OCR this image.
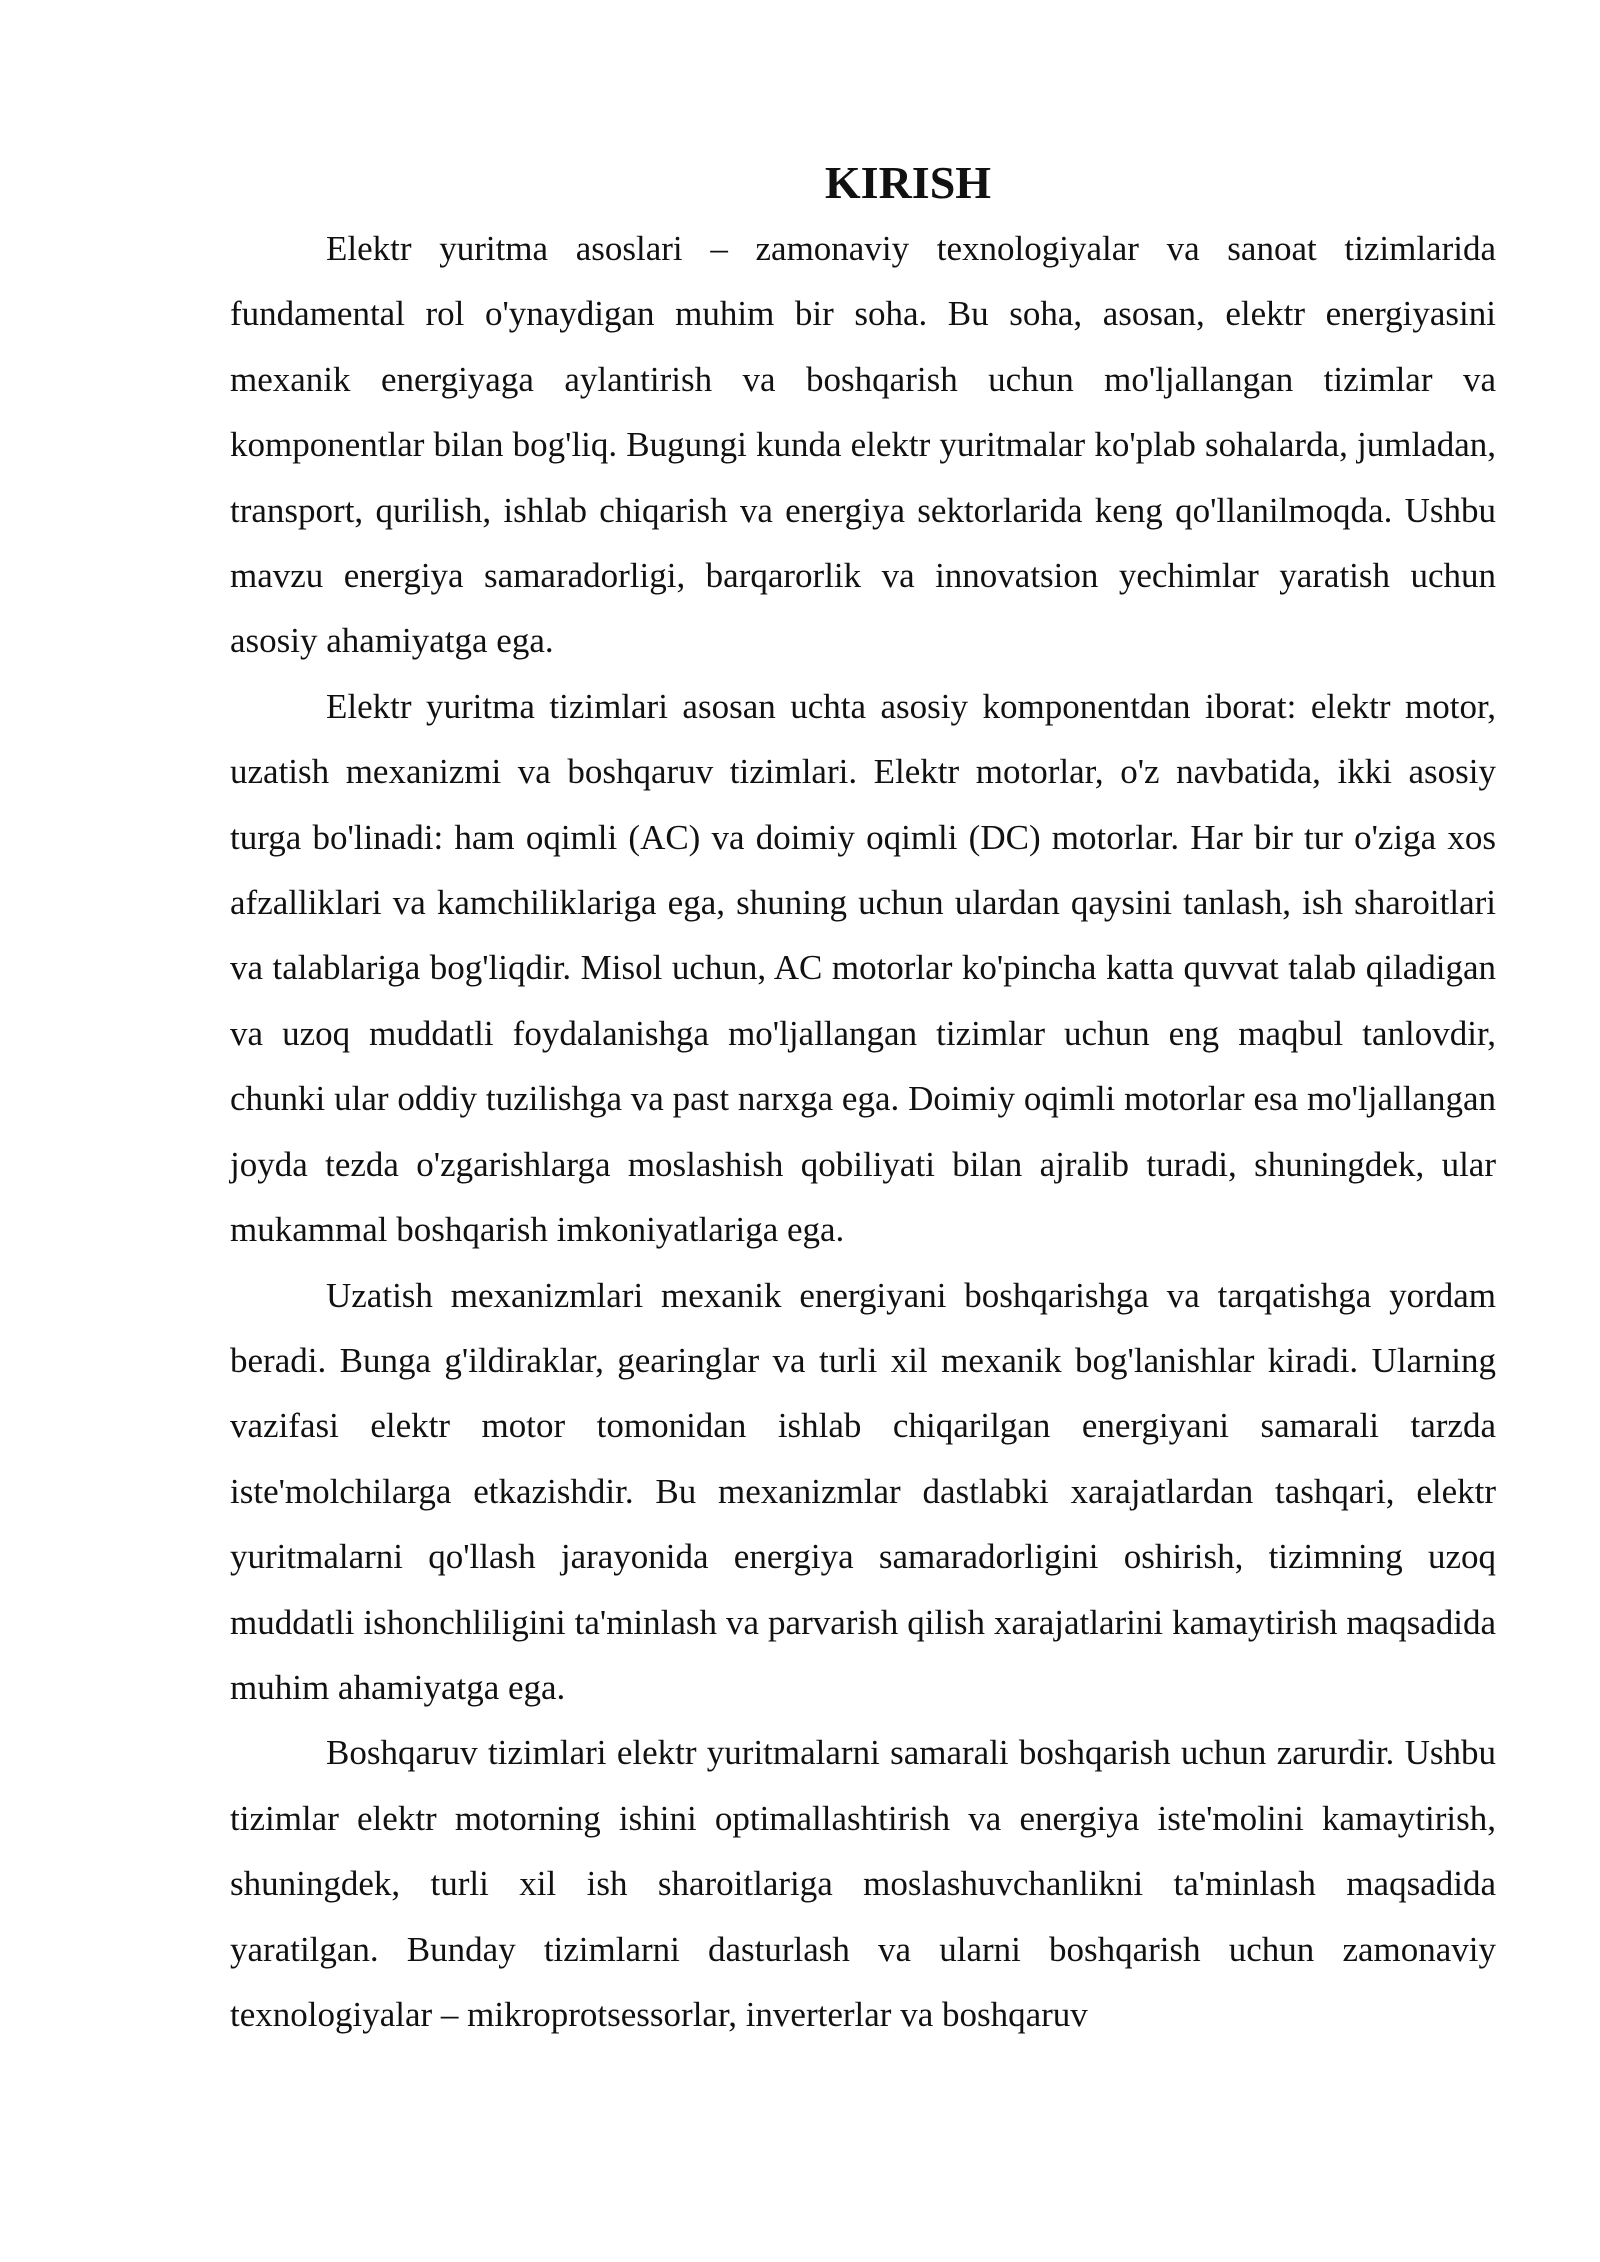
KIRISH

Elektr yuritma asoslari – zamonaviy texnologiyalar va sanoat tizimlarida fundamental rol o'ynaydigan muhim bir soha. Bu soha, asosan, elektr energiyasini mexanik energiyaga aylantirish va boshqarish uchun mo'ljallangan tizimlar va komponentlar bilan bog'liq. Bugungi kunda elektr yuritmalar ko'plab sohalarda, jumladan, transport, qurilish, ishlab chiqarish va energiya sektorlarida keng qo'llanilmoqda. Ushbu mavzu energiya samaradorligi, barqarorlik va innovatsion yechimlar yaratish uchun asosiy ahamiyatga ega.

Elektr yuritma tizimlari asosan uchta asosiy komponentdan iborat: elektr motor, uzatish mexanizmi va boshqaruv tizimlari. Elektr motorlar, o'z navbatida, ikki asosiy turga bo'linadi: ham oqimli (AC) va doimiy oqimli (DC) motorlar. Har bir tur o'ziga xos afzalliklari va kamchiliklariga ega, shuning uchun ulardan qaysini tanlash, ish sharoitlari va talablariga bog'liqdir. Misol uchun, AC motorlar ko'pincha katta quvvat talab qiladigan va uzoq muddatli foydalanishga mo'ljallangan tizimlar uchun eng maqbul tanlovdir, chunki ular oddiy tuzilishga va past narxga ega. Doimiy oqimli motorlar esa mo'ljallangan joyda tezda o'zgarishlarga moslashish qobiliyati bilan ajralib turadi, shuningdek, ular mukammal boshqarish imkoniyatlariga ega.

Uzatish mexanizmlari mexanik energiyani boshqarishga va tarqatishga yordam beradi. Bunga g'ildiraklar, gearinglar va turli xil mexanik bog'lanishlar kiradi. Ularning vazifasi elektr motor tomonidan ishlab chiqarilgan energiyani samarali tarzda iste'molchilarga etkazishdir. Bu mexanizmlar dastlabki xarajatlardan tashqari, elektr yuritmalarni qo'llash jarayonida energiya samaradorligini oshirish, tizimning uzoq muddatli ishonchliligini ta'minlash va parvarish qilish xarajatlarini kamaytirish maqsadida muhim ahamiyatga ega.

Boshqaruv tizimlari elektr yuritmalarni samarali boshqarish uchun zarurdir. Ushbu tizimlar elektr motorning ishini optimallashtirish va energiya iste'molini kamaytirish, shuningdek, turli xil ish sharoitlariga moslashuvchanlikni ta'minlash maqsadida yaratilgan. Bunday tizimlarni dasturlash va ularni boshqarish uchun zamonaviy texnologiyalar – mikroprotsessorlar, inverterlar va boshqaruv
